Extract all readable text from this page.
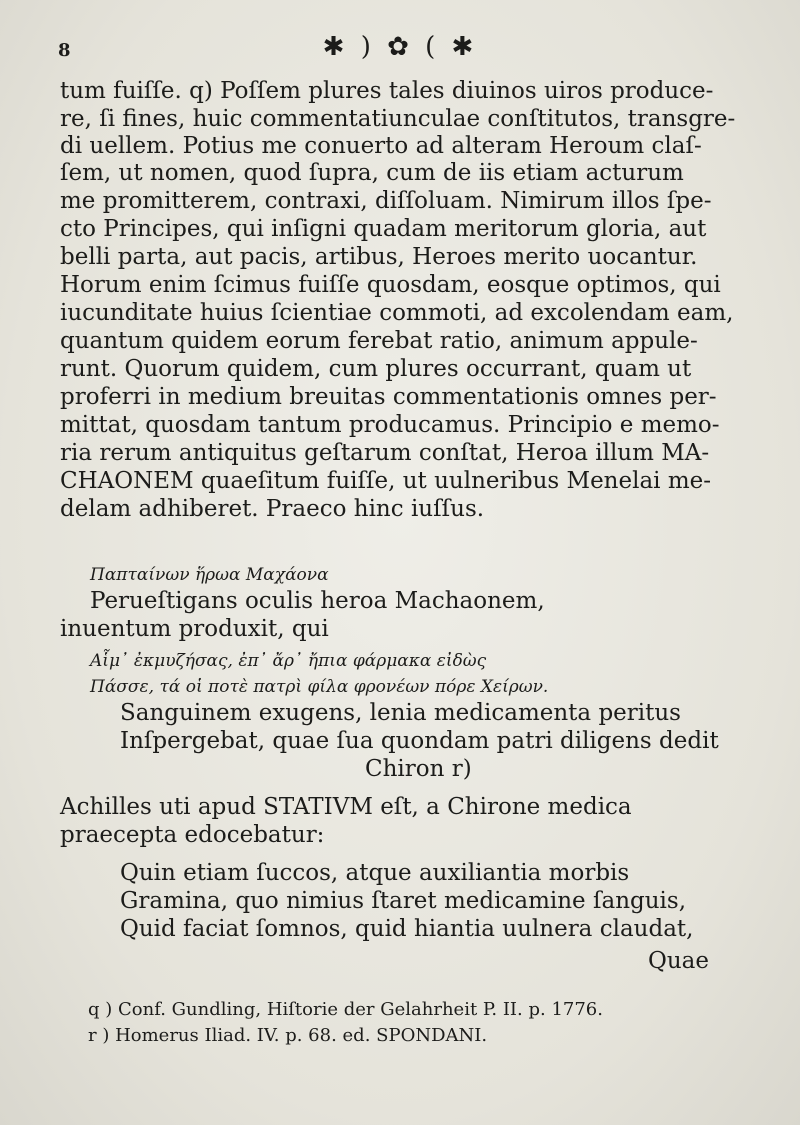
8	✱ ) ✿ ( ✱
tum fuiſſe. q) Poſſem plures tales diuinos uiros produce-
re, ſi fines, huic commentatiunculae conſtitutos, transgre-
di uellem. Potius me conuerto ad alteram Heroum claſ-
ſem, ut nomen, quod ſupra, cum de iis etiam acturum
me promitterem, contraxi, diſſoluam. Nimirum illos ſpe-
cto Principes, qui inſigni quadam meritorum gloria, aut
belli parta, aut pacis, artibus, Heroes merito uocantur.
Horum enim ſcimus fuiſſe quosdam, eosque optimos, qui
iucunditate huius ſcientiae commoti, ad excolendam eam,
quantum quidem eorum ferebat ratio, animum appule-
runt. Quorum quidem, cum plures occurrant, quam ut
proferri in medium breuitas commentationis omnes per-
mittat, quosdam tantum producamus. Principio e memo-
ria rerum antiquitus geſtarum conſtat, Heroa illum MA-
CHAONEM quaeſitum fuiſſe, ut uulneribus Menelai me-
delam adhiberet. Praeco hinc iuſſus.
Παπταίνων ἥρωα Μαχάονα
Perueſtigans oculis heroa Machaonem,
inuentum produxit, qui
Αἷμ᾽ ἐκμυζήσας, ἐπ᾽ ἄρ᾽ ἤπια φάρμακα εἰδὼς
Πάσσε, τά οἱ ποτὲ πατρὶ φίλα φρονέων πόρε Χείρων.
Sanguinem exugens, lenia medicamenta peritus
Inſpergebat, quae ſua quondam patri diligens dedit
Chiron r)
Achilles uti apud STATIVM eſt, a Chirone medica
praecepta edocebatur:
Quin etiam ſuccos, atque auxiliantia morbis
Gramina, quo nimius ſtaret medicamine ſanguis,
Quid faciat ſomnos, quid hiantia uulnera claudat,
Quae
q ) Conf. Gundling, Hiſtorie der Gelahrheit P. II. p. 1776.
r ) Homerus Iliad. IV. p. 68. ed. SPONDANI.
